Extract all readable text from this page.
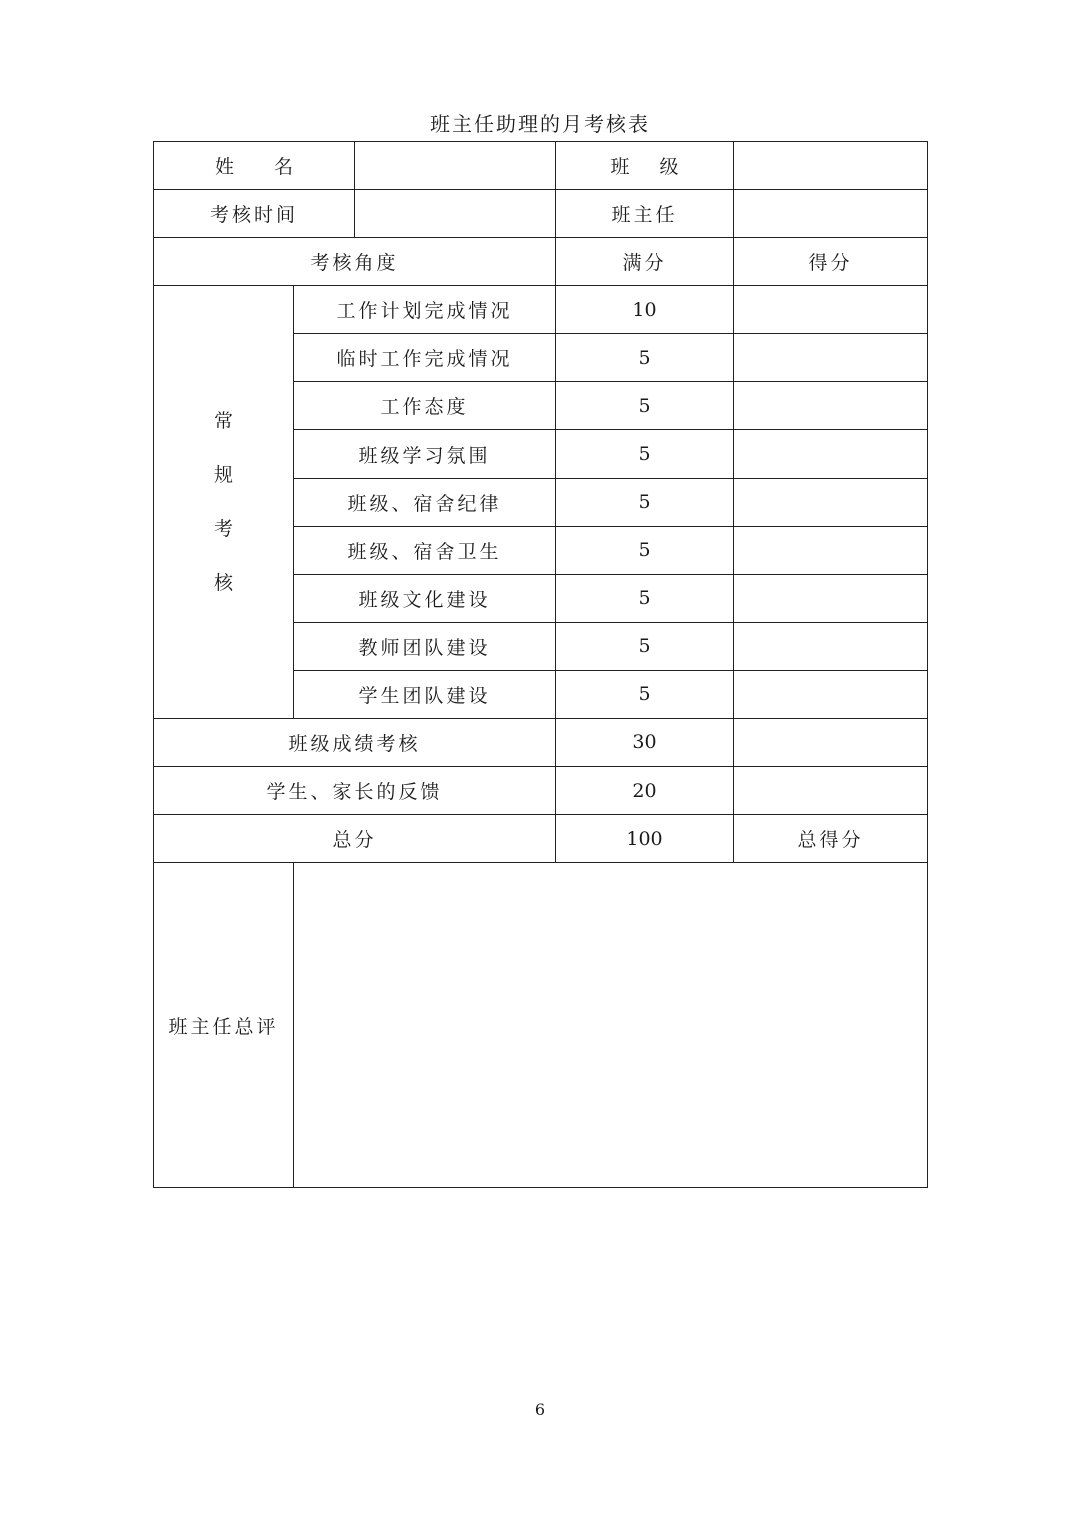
班主任助理的月考核表
姓名			班级	
考核时间			班主任	
考核角度			满分	得分

常
规
考
核	工作计划完成情况		10	
	临时工作完成情况		5	
	工作态度		5	
	班级学习氛围		5	
	班级、宿舍纪律		5	
	班级、宿舍卫生		5	
	班级文化建设		5	
	教师团队建设		5	
	学生团队建设		5	
班级成绩考核			30	
学生、家长的反馈			20	
总分			100	总得分
班主任总评				
6
